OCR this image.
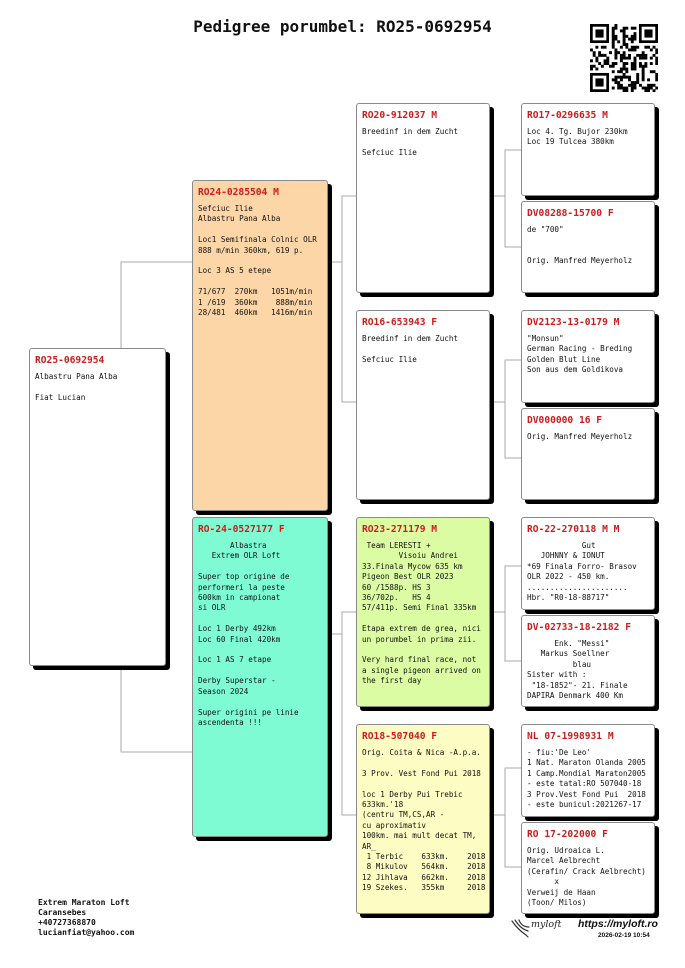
Pedigree porumbel: RO25-0692954
RO25-0692954
Albastru Pana Alba

Fiat Lucian
RO24-0285504 M
Sefciuc Ilie
Albastru Pana Alba

Loc1 Semifinala Colnic OLR
888 m/min 360km, 619 p.

Loc 3 AS 5 etepe

71/677  270km   1051m/min
1 /619  360km    888m/min
28/481  460km   1416m/min
RO-24-0527177 F
Albastra
Extrem OLR Loft

Super top origine de
performeri la peste
600km in campionat
si OLR

Loc 1 Derby 492km
Loc 60 Final 420km

Loc 1 AS 7 etape

Derby Superstar -
Season 2024

Super origini pe linie
ascendenta !!!
RO20-912037 M
Breedinf in dem Zucht

Sefciuc Ilie
RO16-653943 F
Breedinf in dem Zucht

Sefciuc Ilie
RO23-271179 M
Team LERESTI +
Visoiu Andrei
33.Finala Mycow 635 km
Pigeon Best OLR 2023
60 /1588p. HS 3
36/702p.   HS 4
57/411p. Semi Final 335km

Etapa extrem de grea, nici
un porumbel in prima zii.

Very hard final race, not
a single pigeon arrived on
the first day
RO18-507040 F
Orig. Coita & Nica -A.p.a.

3 Prov. Vest Fond Pui 2018

loc 1 Derby Pui Trebic
633km.'18
(centru TM,CS,AR -
cu aproximativ
100km. mai mult decat TM,
AR_
1 Terbic    633km.    2018
8 Mikulov   564km.    2018
12 Jihlava   662km.    2018
19 Szekes.   355km     2018
RO17-0296635 M
Loc 4. Tg. Bujor 230km
Loc 19 Tulcea 380km
DV08288-15700 F
de "700"

Orig. Manfred Meyerholz
DV2123-13-0179 M
"Monsun"
German Racing - Breding
Golden Blut Line
Son aus dem Goldikova
DV000000 16 F
Orig. Manfred Meyerholz
RO-22-270118 M M
Gut
JOHNNY & IONUT
*69 Finala Forro- Brasov
OLR 2022 - 450 km.
......................
Hbr. "R0-18-88717"
DV-02733-18-2182 F
Enk. "Messi"
Markus Soellner
blau
Sister with :
"18-1852"- 21. Finale
DAPIRA Denmark 400 Km
NL 07-1998931 M
- fiu:'De Leo'
1 Nat. Maraton Olanda 2005
1 Camp.Mondial Maraton2005
- este tatal:RO 507040-18
3 Prov.Vest Fond Pui  2018
- este bunicul:2021267-17
RO 17-202000 F
Orig. Udroaica L.
Marcel Aelbrecht
(Cerafin/ Crack Aelbrecht)
x
Verweij de Haan
(Toon/ Milos)
Extrem Maraton Loft
Caransebes
+40727368870
lucianfiat@yahoo.com
myloft https://myloft.ro
2026-02-19 10:54
